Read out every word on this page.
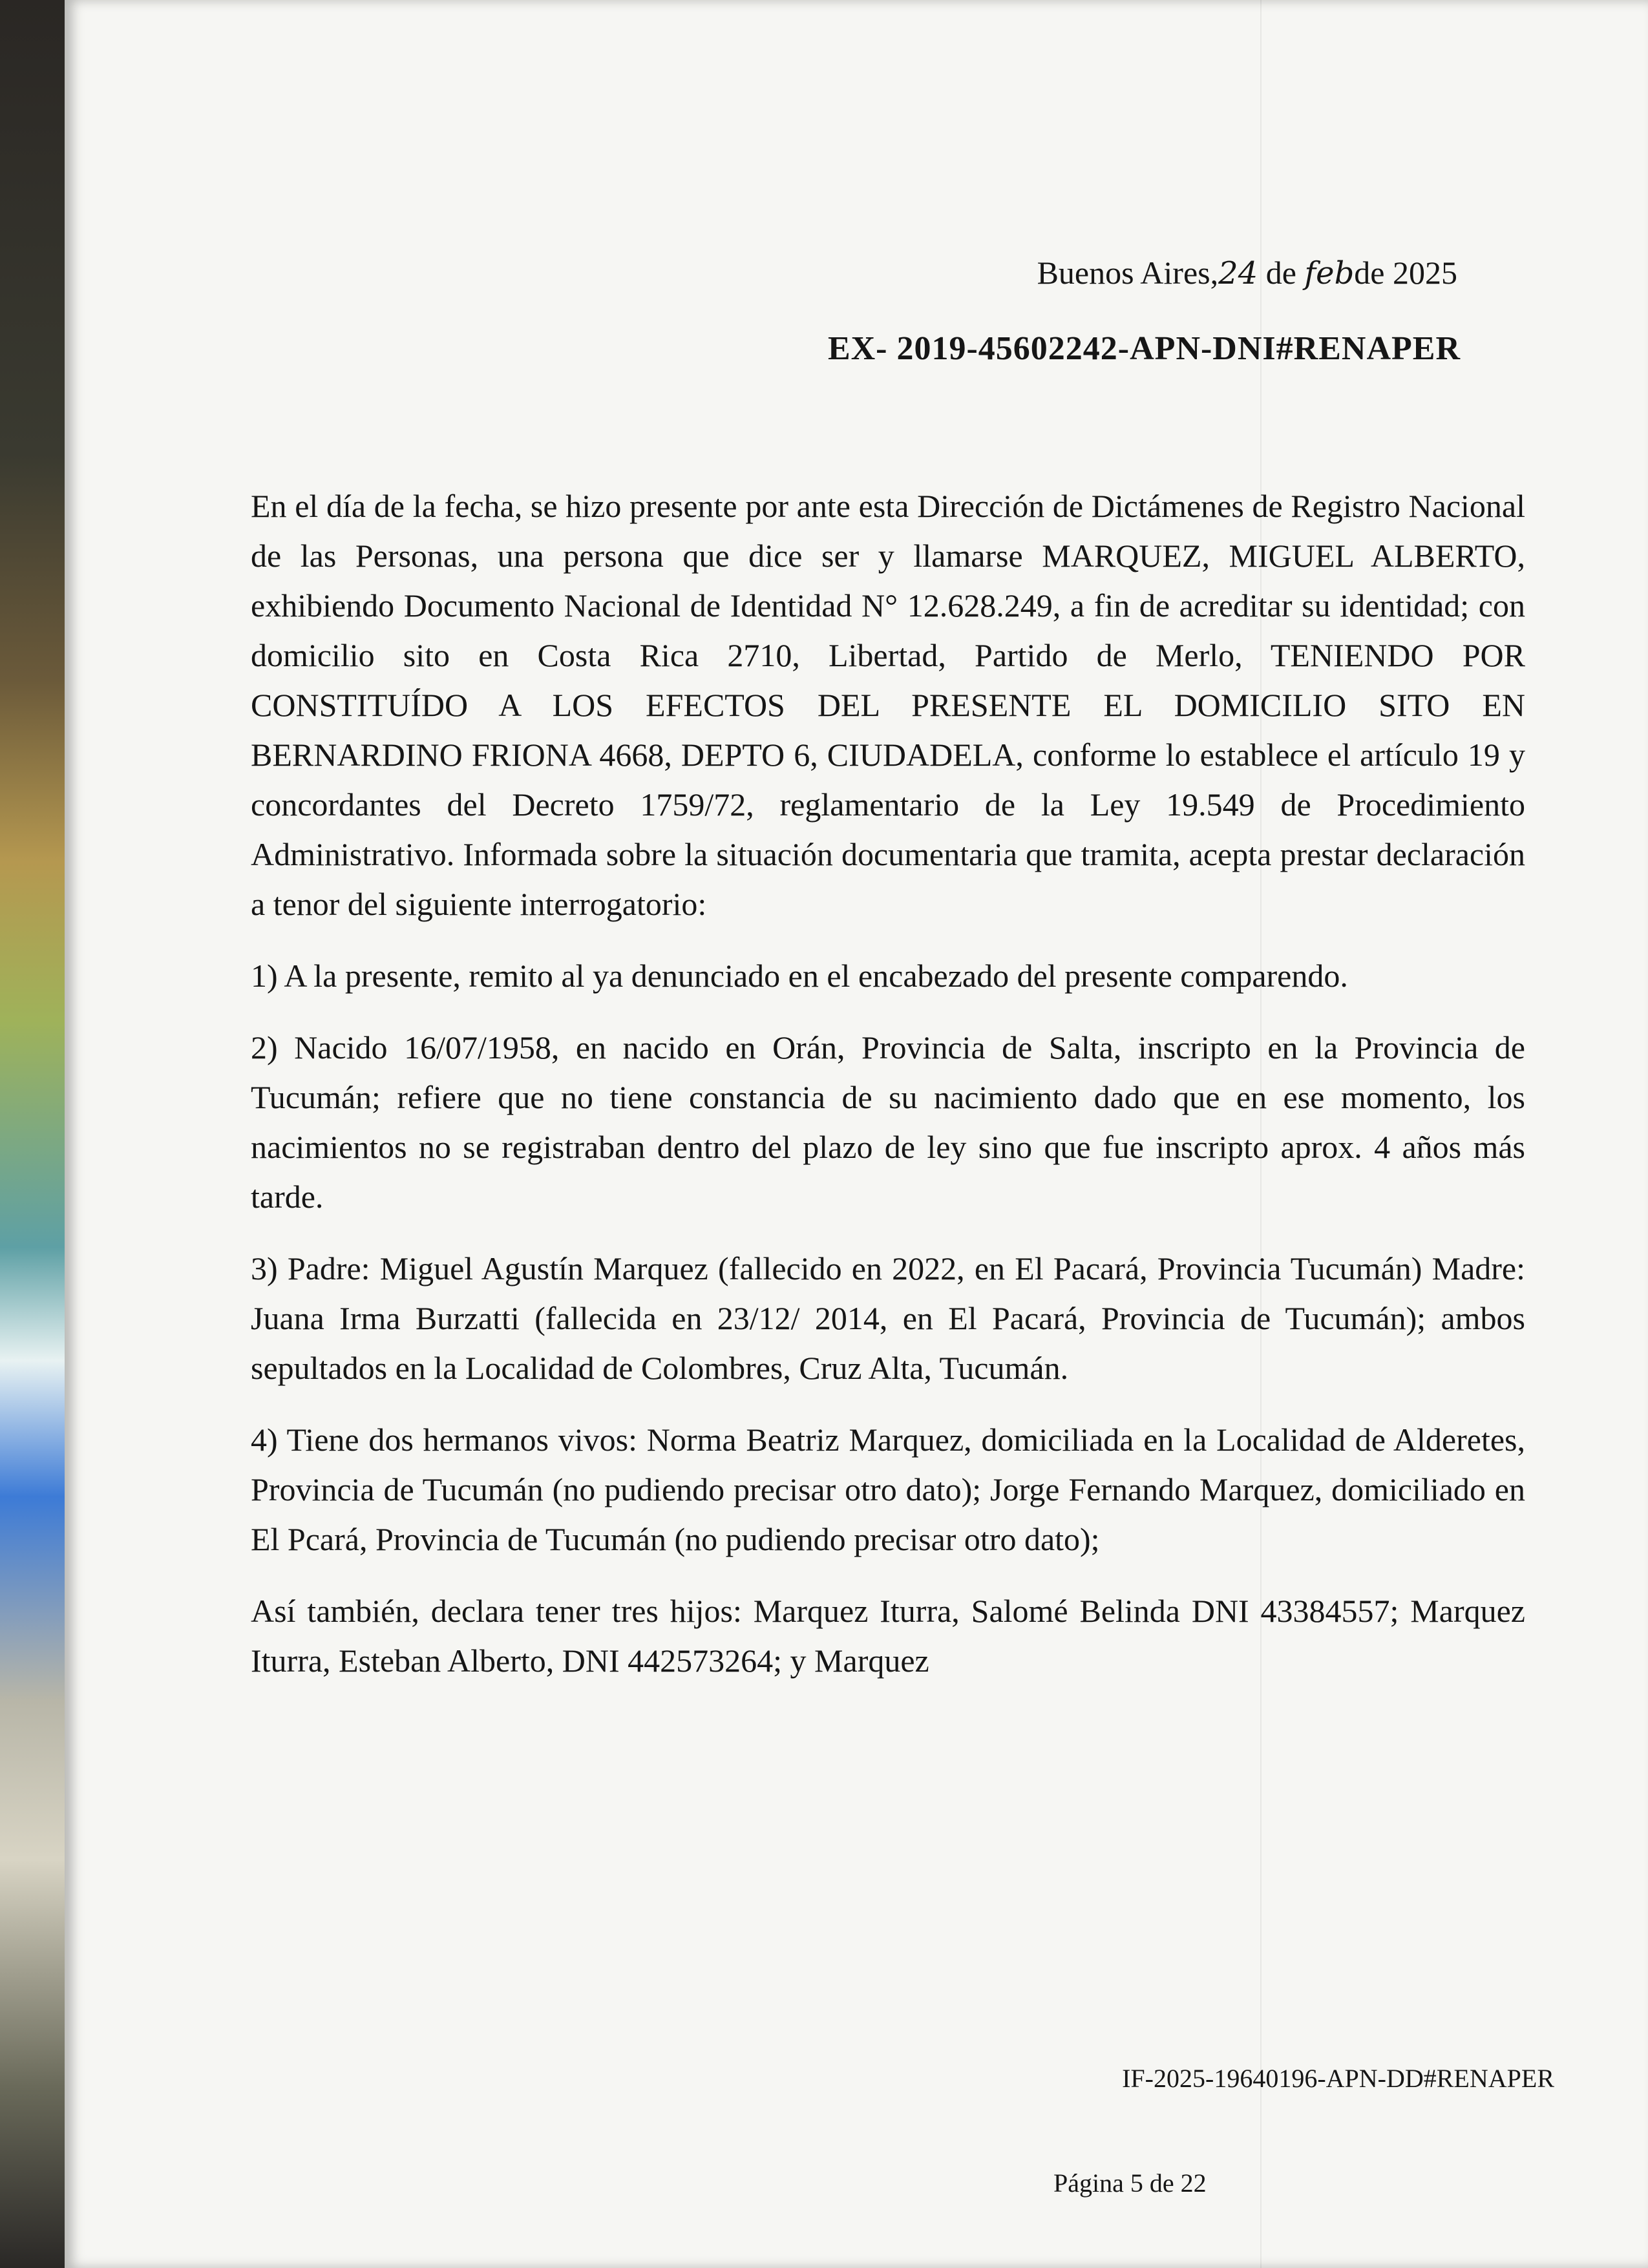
Buenos Aires,24 de febde 2025
EX- 2019-45602242-APN-DNI#RENAPER

En el día de la fecha, se hizo presente por ante esta Dirección de Dictámenes de Registro Nacional de las Personas, una persona que dice ser y llamarse MARQUEZ, MIGUEL ALBERTO, exhibiendo Documento Nacional de Identidad N° 12.628.249, a fin de acreditar su identidad; con domicilio sito en Costa Rica 2710, Libertad, Partido de Merlo, TENIENDO POR CONSTITUÍDO A LOS EFECTOS DEL PRESENTE EL DOMICILIO SITO EN BERNARDINO FRIONA 4668, DEPTO 6, CIUDADELA, conforme lo establece el artículo 19 y concordantes del Decreto 1759/72, reglamentario de la Ley 19.549 de Procedimiento Administrativo. Informada sobre la situación documentaria que tramita, acepta prestar declaración a tenor del siguiente interrogatorio:

1) A la presente, remito al ya denunciado en el encabezado del presente comparendo.

2) Nacido 16/07/1958, en nacido en Orán, Provincia de Salta, inscripto en la Provincia de Tucumán; refiere que no tiene constancia de su nacimiento dado que en ese momento, los nacimientos no se registraban dentro del plazo de ley sino que fue inscripto aprox. 4 años más tarde.

3) Padre: Miguel Agustín Marquez (fallecido en 2022, en El Pacará, Provincia Tucumán) Madre: Juana Irma Burzatti (fallecida en 23/12/ 2014, en El Pacará, Provincia de Tucumán); ambos sepultados en la Localidad de Colombres, Cruz Alta, Tucumán.

4) Tiene dos hermanos vivos: Norma Beatriz Marquez, domiciliada en la Localidad de Alderetes, Provincia de Tucumán (no pudiendo precisar otro dato); Jorge Fernando Marquez, domiciliado en El Pcará, Provincia de Tucumán (no pudiendo precisar otro dato);

Así también, declara tener tres hijos: Marquez Iturra, Salomé Belinda DNI 43384557; Marquez Iturra, Esteban Alberto, DNI 442573264; y Marquez

IF-2025-19640196-APN-DD#RENAPER
Página 5 de 22
